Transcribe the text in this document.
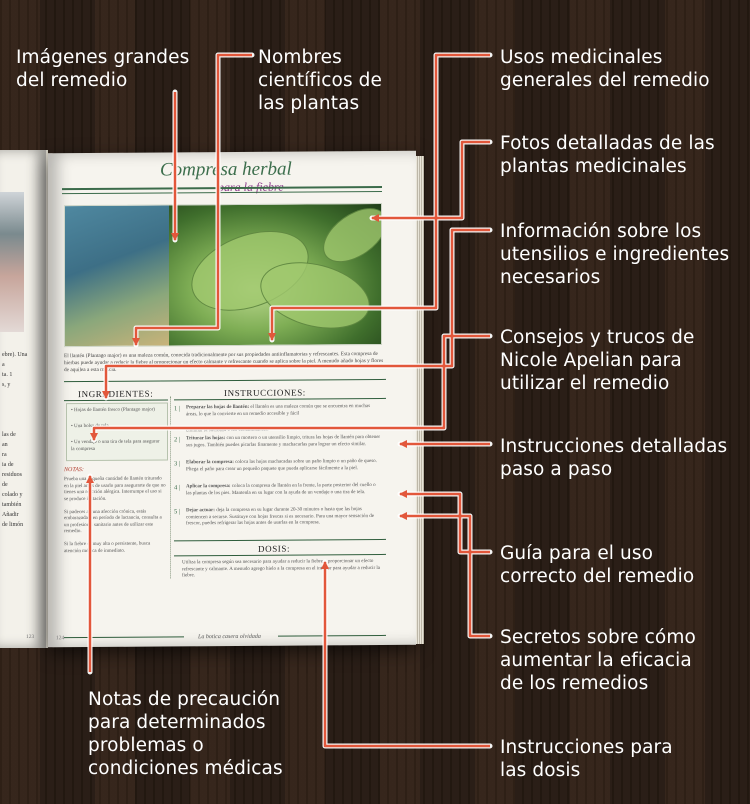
ebre). Una
a
ta. 1
s, y
las de
an
ra
ia de
residuos
de
colado y
también
Añadir
de limón
123
Compresa herbal
El llantén (Plantago major) es una maleza común, conocida tradicionalmente por sus propiedades antiinflamatorias y refrescantes. Esta compresa de hierbas puede ayudar a reducir la fiebre al proporcionar un efecto calmante y refrescante cuando se aplica sobre la piel. A menudo añado hojas y flores de aquilea a esta mezcla.
INGREDIENTES:	INSTRUCCIONES:
• Hojas de llantén fresco (Plantago major)
• Una bolsa de tela
• Un vendaje o una tira de tela para asegurar la compresa
NOTAS:
Prueba una pequeña cantidad de llantén triturado en la piel antes de usarlo para asegurarte de que no tienes una reacción alérgica. Interrumpe el uso si se produce irritación.

Si padeces alguna afección crónica, estás embarazada o en período de lactancia, consulta a un profesional sanitario antes de utilizar este remedio.

Si la fiebre es muy alta o persistente, busca atención médica de inmediato.
1 | Preparar las hojas de llantén: el llantén es una maleza común que se encuentra en muchas áreas, lo que la convierte en un remedio accesible y fácil
eliminar la suciedad o los contaminantes.
2 | Triturar las hojas: con un mortero o un utensilio limpio, tritura las hojas de llantén para obtener sus jugos. También puedes picarlas finamente y machacarlas para lograr un efecto similar.
3 | Elaborar la compresa: coloca las hojas machacadas sobre un paño limpio o un paño de queso. Pliega el paño para crear un pequeño paquete que pueda aplicarse fácilmente a la piel.
4 | Aplicar la compresa: coloca la compresa de llantén en la frente, la parte posterior del cuello o las plantas de los pies. Mantenla en su lugar con la ayuda de un vendaje o una tira de tela.
5 | Dejar actuar: deja la compresa en su lugar durante 20-30 minutos o hasta que las hojas comiencen a secarse. Sustituye con hojas frescas si es necesario. Para una mayor sensación de frescor, puedes refrigerar las hojas antes de usarlas en la compresa.
DOSIS:
Utiliza la compresa según sea necesario para ayudar a reducir la fiebre y proporcionar un efecto refrescante y calmante. A menudo agrego hielo a la compresa en el interior para ayudar a reducir la fiebre.
La botica casera olvidada
124
Imágenes grandes
del remedio
Nombres
científicos de
las plantas
Usos medicinales
generales del remedio
Fotos detalladas de las
plantas medicinales
Información sobre los
utensilios e ingredientes
necesarios
Consejos y trucos de
Nicole Apelian para
utilizar el remedio
Instrucciones detalladas
paso a paso
Guía para el uso
correcto del remedio
Secretos sobre cómo
aumentar la eficacia
de los remedios
Notas de precaución
para determinados
problemas o
condiciones médicas
Instrucciones para
las dosis
